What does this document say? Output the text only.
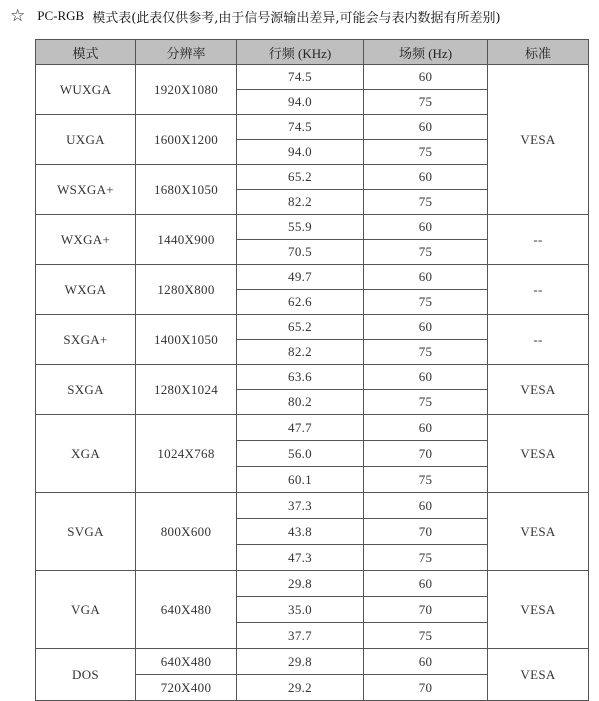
☆ PC-RGB 模式表(此表仅供参考,由于信号源输出差异,可能会与表内数据有所差别)
模式	分辨率	行频 (KHz)	场频 (Hz)	标准
WUXGA	1920X1080	74.5	60	VESA
		94.0	75	
UXGA	1600X1200	74.5	60	
		94.0	75	
WSXGA+	1680X1050	65.2	60	
		82.2	75	
WXGA+	1440X900	55.9	60	--
		70.5	75	
WXGA	1280X800	49.7	60	--
		62.6	75	
SXGA+	1400X1050	65.2	60	--
		82.2	75	
SXGA	1280X1024	63.6	60	VESA
		80.2	75	
XGA	1024X768	47.7	60	VESA
		56.0	70	
		60.1	75	
SVGA	800X600	37.3	60	VESA
		43.8	70	
		47.3	75	
VGA	640X480	29.8	60	VESA
		35.0	70	
		37.7	75	
DOS	640X480	29.8	60	VESA
	720X400	29.2	70	
